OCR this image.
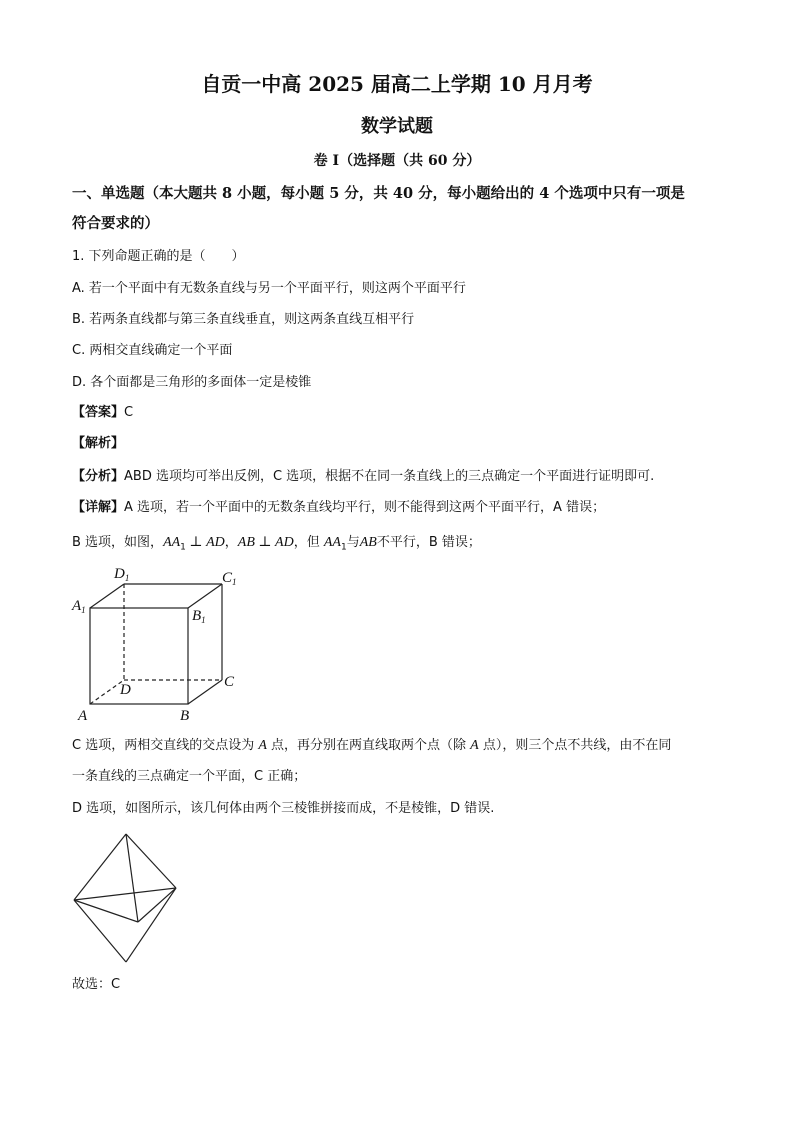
自贡一中高 2025 届高二上学期 10 月月考
数学试题
卷 I（选择题（共 60 分）
一、单选题（本大题共 8 小题，每小题 5 分，共 40 分，每小题给出的 4 个选项中只有一项是
符合要求的）
1. 下列命题正确的是（　　）
A. 若一个平面中有无数条直线与另一个平面平行，则这两个平面平行
B. 若两条直线都与第三条直线垂直，则这两条直线互相平行
C. 两相交直线确定一个平面
D. 各个面都是三角形的多面体一定是棱锥
【答案】C
【解析】
【分析】ABD 选项均可举出反例，C 选项，根据不在同一条直线上的三点确定一个平面进行证明即可.
【详解】A 选项，若一个平面中的无数条直线均平行，则不能得到这两个平面平行，A 错误；
B 选项，如图，$AA_1$ ⊥ AD，AB ⊥ AD，但 $AA_1$与AB不平行，B 错误；
$D_1$	$C_1$
$A_1$	$B_1$
D	C
A	B
C 选项，两相交直线的交点设为 A 点，再分别在两直线取两个点（除 A 点），则三个点不共线，由不在同
一条直线的三点确定一个平面，C 正确；
D 选项，如图所示，该几何体由两个三棱锥拼接而成，不是棱锥，D 错误.
故选：C
